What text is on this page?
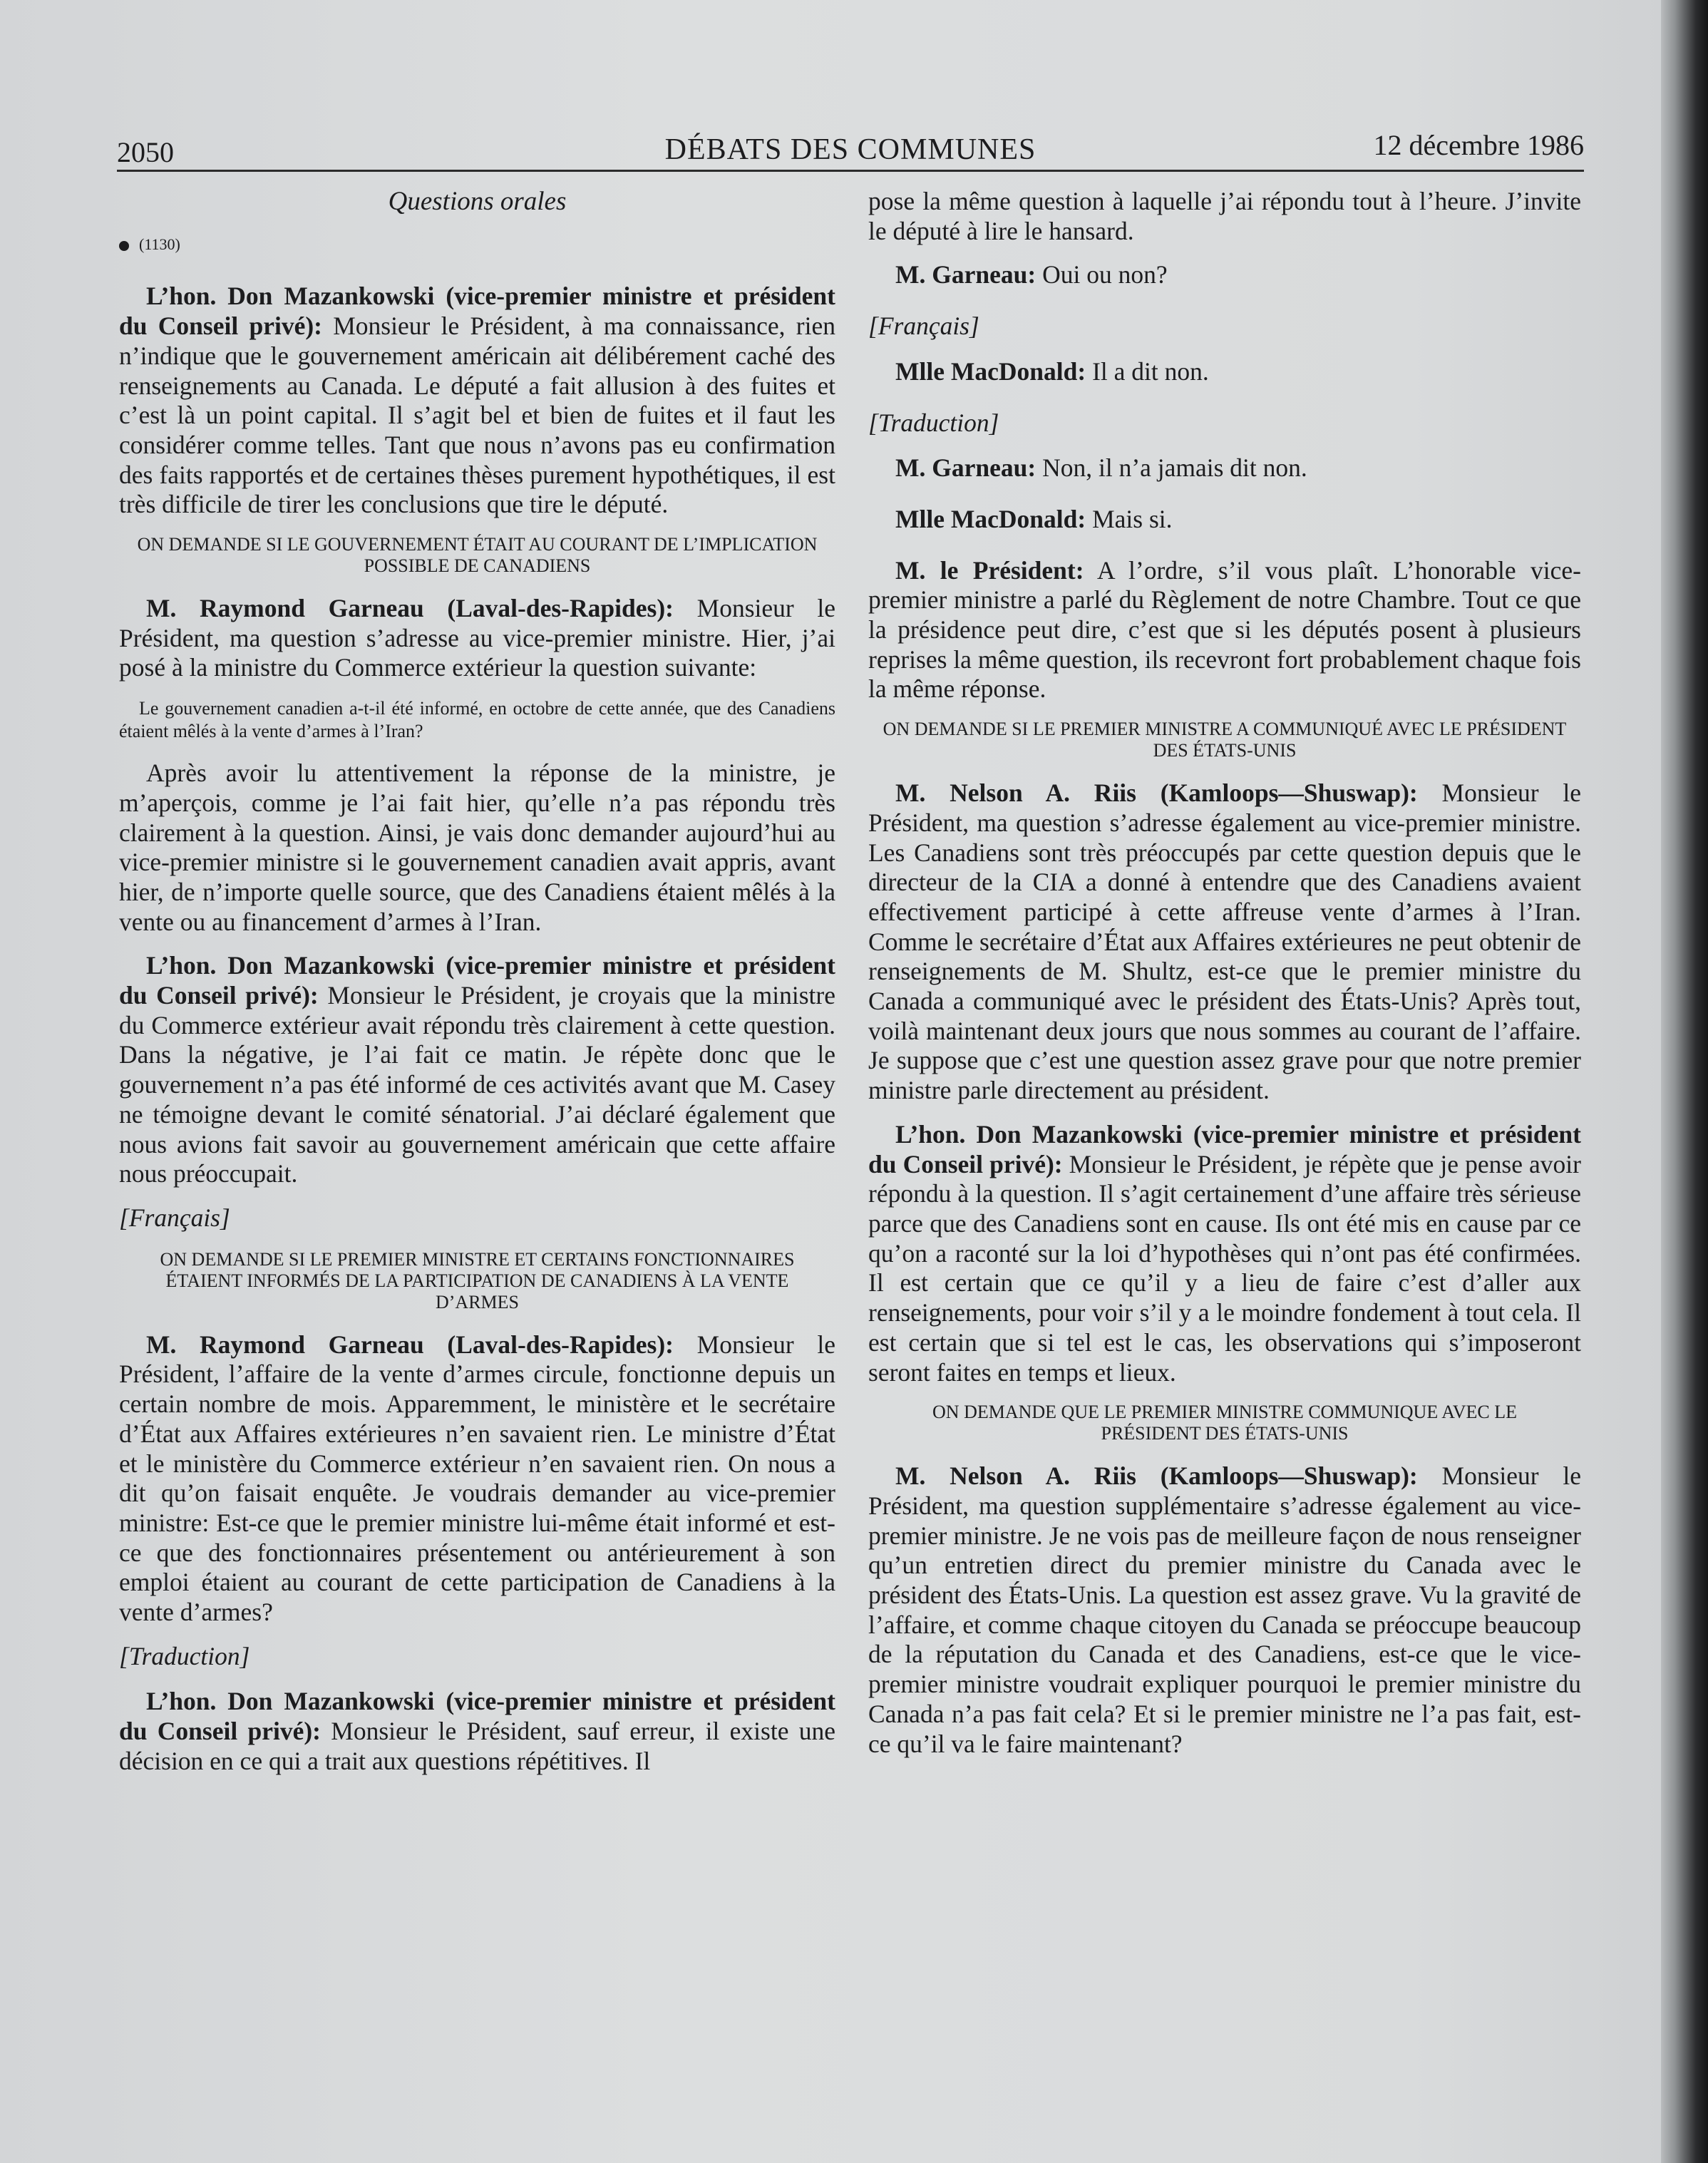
2050	DÉBATS DES COMMUNES	12 décembre 1986
Questions orales
(1130)

L’hon. Don Mazankowski (vice-premier ministre et président du Conseil privé): Monsieur le Président, à ma connaissance, rien n’indique que le gouvernement américain ait délibérement caché des renseignements au Canada. Le député a fait allusion à des fuites et c’est là un point capital. Il s’agit bel et bien de fuites et il faut les considérer comme telles. Tant que nous n’avons pas eu confirmation des faits rapportés et de certaines thèses purement hypothétiques, il est très difficile de tirer les conclusions que tire le député.

ON DEMANDE SI LE GOUVERNEMENT ÉTAIT AU COURANT DE L’IMPLICATION POSSIBLE DE CANADIENS

M. Raymond Garneau (Laval-des-Rapides): Monsieur le Président, ma question s’adresse au vice-premier ministre. Hier, j’ai posé à la ministre du Commerce extérieur la question suivante:

Le gouvernement canadien a-t-il été informé, en octobre de cette année, que des Canadiens étaient mêlés à la vente d’armes à l’Iran?

Après avoir lu attentivement la réponse de la ministre, je m’aperçois, comme je l’ai fait hier, qu’elle n’a pas répondu très clairement à la question. Ainsi, je vais donc demander aujourd’hui au vice-premier ministre si le gouvernement canadien avait appris, avant hier, de n’importe quelle source, que des Canadiens étaient mêlés à la vente ou au financement d’armes à l’Iran.

L’hon. Don Mazankowski (vice-premier ministre et président du Conseil privé): Monsieur le Président, je croyais que la ministre du Commerce extérieur avait répondu très clairement à cette question. Dans la négative, je l’ai fait ce matin. Je répète donc que le gouvernement n’a pas été informé de ces activités avant que M. Casey ne témoigne devant le comité sénatorial. J’ai déclaré également que nous avions fait savoir au gouvernement américain que cette affaire nous préoccupait.

[Français]
ON DEMANDE SI LE PREMIER MINISTRE ET CERTAINS FONCTIONNAIRES ÉTAIENT INFORMÉS DE LA PARTICIPATION DE CANADIENS À LA VENTE D’ARMES

M. Raymond Garneau (Laval-des-Rapides): Monsieur le Président, l’affaire de la vente d’armes circule, fonctionne depuis un certain nombre de mois. Apparemment, le ministère et le secrétaire d’État aux Affaires extérieures n’en savaient rien. Le ministre d’État et le ministère du Commerce extérieur n’en savaient rien. On nous a dit qu’on faisait enquête. Je voudrais demander au vice-premier ministre: Est-ce que le premier ministre lui-même était informé et est-ce que des fonctionnaires présentement ou antérieurement à son emploi étaient au courant de cette participation de Canadiens à la vente d’armes?

[Traduction]

L’hon. Don Mazankowski (vice-premier ministre et président du Conseil privé): Monsieur le Président, sauf erreur, il existe une décision en ce qui a trait aux questions répétitives. Il

pose la même question à laquelle j’ai répondu tout à l’heure. J’invite le député à lire le hansard.

M. Garneau: Oui ou non?

[Français]

Mlle MacDonald: Il a dit non.

[Traduction]

M. Garneau: Non, il n’a jamais dit non.

Mlle MacDonald: Mais si.

M. le Président: A l’ordre, s’il vous plaît. L’honorable vice-premier ministre a parlé du Règlement de notre Chambre. Tout ce que la présidence peut dire, c’est que si les députés posent à plusieurs reprises la même question, ils recevront fort probablement chaque fois la même réponse.

ON DEMANDE SI LE PREMIER MINISTRE A COMMUNIQUÉ AVEC LE PRÉSIDENT DES ÉTATS-UNIS

M. Nelson A. Riis (Kamloops—Shuswap): Monsieur le Président, ma question s’adresse également au vice-premier ministre. Les Canadiens sont très préoccupés par cette question depuis que le directeur de la CIA a donné à entendre que des Canadiens avaient effectivement participé à cette affreuse vente d’armes à l’Iran. Comme le secrétaire d’État aux Affaires extérieures ne peut obtenir de renseignements de M. Shultz, est-ce que le premier ministre du Canada a communiqué avec le président des États-Unis? Après tout, voilà maintenant deux jours que nous sommes au courant de l’affaire. Je suppose que c’est une question assez grave pour que notre premier ministre parle directement au président.

L’hon. Don Mazankowski (vice-premier ministre et président du Conseil privé): Monsieur le Président, je répète que je pense avoir répondu à la question. Il s’agit certainement d’une affaire très sérieuse parce que des Canadiens sont en cause. Ils ont été mis en cause par ce qu’on a raconté sur la loi d’hypothèses qui n’ont pas été confirmées. Il est certain que ce qu’il y a lieu de faire c’est d’aller aux renseignements, pour voir s’il y a le moindre fondement à tout cela. Il est certain que si tel est le cas, les observations qui s’imposeront seront faites en temps et lieux.

ON DEMANDE QUE LE PREMIER MINISTRE COMMUNIQUE AVEC LE PRÉSIDENT DES ÉTATS-UNIS

M. Nelson A. Riis (Kamloops—Shuswap): Monsieur le Président, ma question supplémentaire s’adresse également au vice-premier ministre. Je ne vois pas de meilleure façon de nous renseigner qu’un entretien direct du premier ministre du Canada avec le président des États-Unis. La question est assez grave. Vu la gravité de l’affaire, et comme chaque citoyen du Canada se préoccupe beaucoup de la réputation du Canada et des Canadiens, est-ce que le vice-premier ministre voudrait expliquer pourquoi le premier ministre du Canada n’a pas fait cela? Et si le premier ministre ne l’a pas fait, est-ce qu’il va le faire maintenant?
